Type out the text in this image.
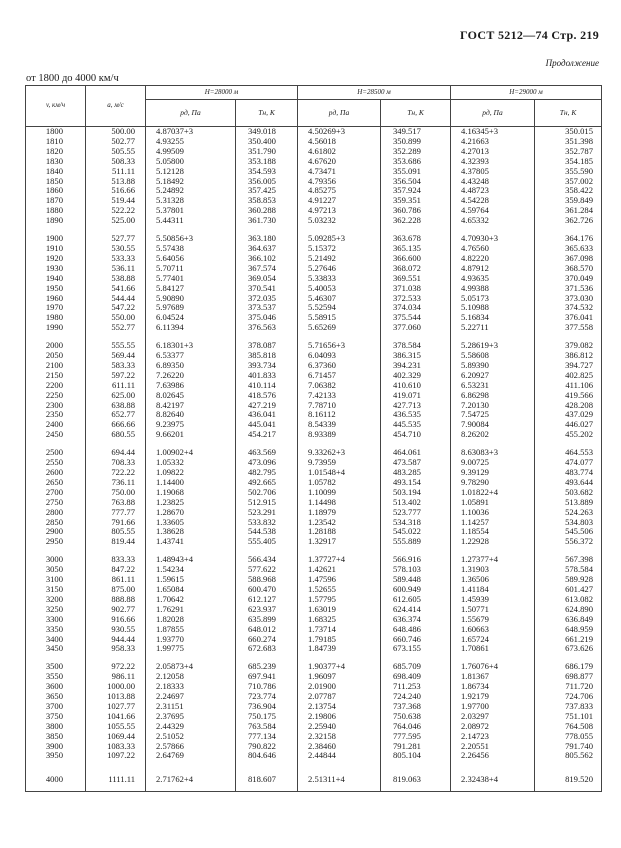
ГОСТ 5212—74 Стр. 219
Продолжение
от 1800 до 4000 км/ч
v, км/ч	a, м/с	H=28000 м		H=28500 м		H=29000 м	
		pд, Па	Tн, К	pд, Па	Tн, К	pд, Па	Tн, К
1800	500.00	4.87037+3	349.018	4.50269+3	349.517	4.16345+3	350.015
1810	502.77	4.93255	350.400	4.56018	350.899	4.21663	351.398
1820	505.55	4.99509	351.790	4.61802	352.289	4.27013	352.787
1830	508.33	5.05800	353.188	4.67620	353.686	4.32393	354.185
1840	511.11	5.12128	354.593	4.73471	355.091	4.37805	355.590
1850	513.88	5.18492	356.005	4.79356	356.504	4.43248	357.002
1860	516.66	5.24892	357.425	4.85275	357.924	4.48723	358.422
1870	519.44	5.31328	358.853	4.91227	359.351	4.54228	359.849
1880	522.22	5.37801	360.288	4.97213	360.786	4.59764	361.284
1890	525.00	5.44311	361.730	5.03232	362.228	4.65332	362.726
1900	527.77	5.50856+3	363.180	5.09285+3	363.678	4.70930+3	364.176
1910	530.55	5.57438	364.637	5.15372	365.135	4.76560	365.633
1920	533.33	5.64056	366.102	5.21492	366.600	4.82220	367.098
1930	536.11	5.70711	367.574	5.27646	368.072	4.87912	368.570
1940	538.88	5.77401	369.054	5.33833	369.551	4.93635	370.049
1950	541.66	5.84127	370.541	5.40053	371.038	4.99388	371.536
1960	544.44	5.90890	372.035	5.46307	372.533	5.05173	373.030
1970	547.22	5.97689	373.537	5.52594	374.034	5.10988	374.532
1980	550.00	6.04524	375.046	5.58915	375.544	5.16834	376.041
1990	552.77	6.11394	376.563	5.65269	377.060	5.22711	377.558
2000	555.55	6.18301+3	378.087	5.71656+3	378.584	5.28619+3	379.082
2050	569.44	6.53377	385.818	6.04093	386.315	5.58608	386.812
2100	583.33	6.89350	393.734	6.37360	394.231	5.89390	394.727
2150	597.22	7.26220	401.833	6.71457	402.329	6.20927	402.825
2200	611.11	7.63986	410.114	7.06382	410.610	6.53231	411.106
2250	625.00	8.02645	418.576	7.42133	419.071	6.86298	419.566
2300	638.88	8.42197	427.219	7.78710	427.713	7.20130	428.208
2350	652.77	8.82640	436.041	8.16112	436.535	7.54725	437.029
2400	666.66	9.23975	445.041	8.54339	445.535	7.90084	446.027
2450	680.55	9.66201	454.217	8.93389	454.710	8.26202	455.202
2500	694.44	1.00902+4	463.569	9.33262+3	464.061	8.63083+3	464.553
2550	708.33	1.05332	473.096	9.73959	473.587	9.00725	474.077
2600	722.22	1.09822	482.795	1.01548+4	483.285	9.39129	483.774
2650	736.11	1.14400	492.665	1.05782	493.154	9.78290	493.644
2700	750.00	1.19068	502.706	1.10099	503.194	1.01822+4	503.682
2750	763.88	1.23825	512.915	1.14498	513.402	1.05891	513.889
2800	777.77	1.28670	523.291	1.18979	523.777	1.10036	524.263
2850	791.66	1.33605	533.832	1.23542	534.318	1.14257	534.803
2900	805.55	1.38628	544.538	1.28188	545.022	1.18554	545.506
2950	819.44	1.43741	555.405	1.32917	555.889	1.22928	556.372
3000	833.33	1.48943+4	566.434	1.37727+4	566.916	1.27377+4	567.398
3050	847.22	1.54234	577.622	1.42621	578.103	1.31903	578.584
3100	861.11	1.59615	588.968	1.47596	589.448	1.36506	589.928
3150	875.00	1.65084	600.470	1.52655	600.949	1.41184	601.427
3200	888.88	1.70642	612.127	1.57795	612.605	1.45939	613.082
3250	902.77	1.76291	623.937	1.63019	624.414	1.50771	624.890
3300	916.66	1.82028	635.899	1.68325	636.374	1.55679	636.849
3350	930.55	1.87855	648.012	1.73714	648.486	1.60663	648.959
3400	944.44	1.93770	660.274	1.79185	660.746	1.65724	661.219
3450	958.33	1.99775	672.683	1.84739	673.155	1.70861	673.626
3500	972.22	2.05873+4	685.239	1.90377+4	685.709	1.76076+4	686.179
3550	986.11	2.12058	697.941	1.96097	698.409	1.81367	698.877
3600	1000.00	2.18333	710.786	2.01900	711.253	1.86734	711.720
3650	1013.88	2.24697	723.774	2.07787	724.240	1.92179	724.706
3700	1027.77	2.31151	736.904	2.13754	737.368	1.97700	737.833
3750	1041.66	2.37695	750.175	2.19806	750.638	2.03297	751.101
3800	1055.55	2.44329	763.584	2.25940	764.046	2.08972	764.508
3850	1069.44	2.51052	777.134	2.32158	777.595	2.14723	778.055
3900	1083.33	2.57866	790.822	2.38460	791.281	2.20551	791.740
3950	1097.22	2.64769	804.646	2.44844	805.104	2.26456	805.562
4000	1111.11	2.71762+4	818.607	2.51311+4	819.063	2.32438+4	819.520
